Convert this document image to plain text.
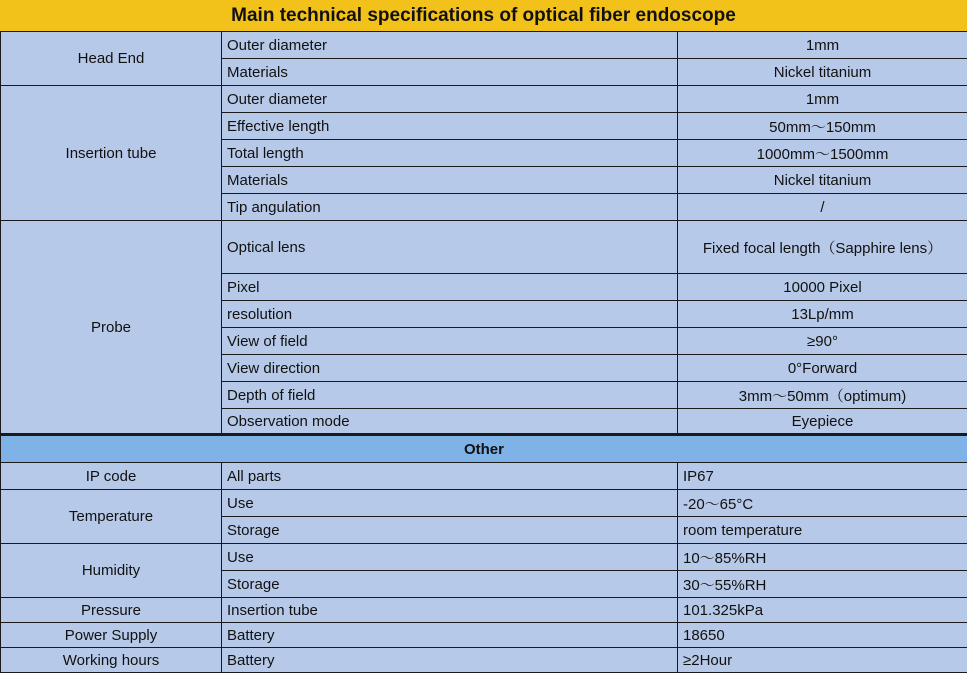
Main technical specifications of optical fiber endoscope
Head End	Outer diameter	1mm
	Materials	Nickel titanium
Insertion tube	Outer diameter	1mm
	Effective length	50mm～150mm
	Total length	1000mm～1500mm
	Materials	Nickel titanium
	Tip angulation	/
Probe	Optical lens	Fixed focal length（Sapphire lens）
	Pixel	10000 Pixel
	resolution	13Lp/mm
	View of field	≥90°
	View direction	0°Forward
	Depth of field	3mm～50mm（optimum)
	Observation mode	Eyepiece
Other		
IP code	All parts	IP67
Temperature	Use	-20～65°C
	Storage	room temperature
Humidity	Use	10～85%RH
	Storage	30～55%RH
Pressure	Insertion tube	101.325kPa
Power Supply	Battery	18650
Working hours	Battery	≥2Hour
